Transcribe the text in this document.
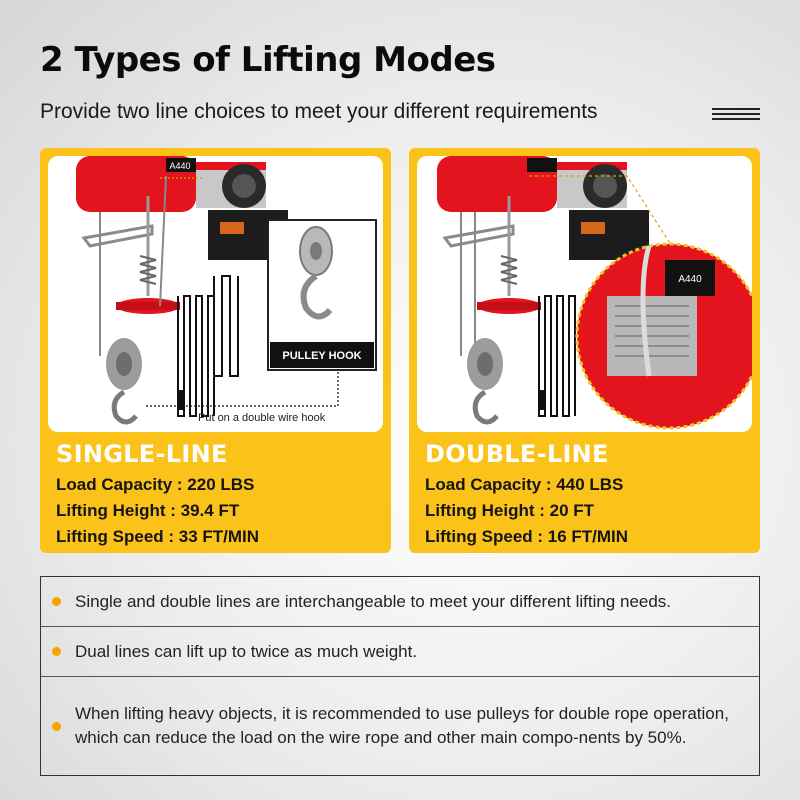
2 Types of Lifting Modes
Provide two line choices to meet your different requirements
PULLEY HOOK
Put on a double wire hook
A440
SINGLE-LINE
Load Capacity : 220 LBS
Lifting Height : 39.4 FT
Lifting Speed : 33 FT/MIN
A440
DOUBLE-LINE
Load Capacity : 440 LBS
Lifting Height : 20 FT
Lifting Speed : 16 FT/MIN
Single and double lines are interchangeable to meet your different lifting needs.
Dual lines can lift up to twice as much weight.
When lifting heavy objects, it is recommended to use pulleys for double rope operation, which can reduce the load on the wire rope and other main compo-nents by 50%.
